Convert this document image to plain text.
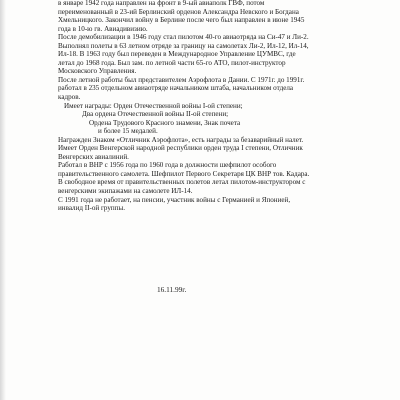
в январе 1942 года направлен на фронт в 9-ый авиаполк ГВФ, потом
переименованный в 23-ий Берлинский орденов Александра Невского и Богдана
Хмельницкого. Закончил войну в Берлине после чего был направлен в июне 1945
года в 10-ю гв. Авиадивизию.
После демобилизации в 1946 году стал пилотом 40-го авиаотряда на Си-47 и Ли-2.
Выполнял полеты в 63 летном отряде за границу на самолетах Ли-2, Ил-12, Ил-14,
Ил-18. В 1963 году был переведен в Международное Управление ЦУМВС, где
летал до 1968 года. Был зам. по летной части 65-го АТО, пилот-инструктор
Московского Управления.
После летной работы был представителем Аэрофлота в Дании. С 1971г. до 1991г.
работал в 235 отдельном авиаотряде начальником штаба, начальником отдела
кадров.
Имеет награды: Орден Отечественной войны I-ой степени;
Два ордена Отечественной войны II-ой степени;
Ордена Трудового Красного знамени, Знак почета
и более 15 медалей.
Награжден Знаком «Отличник Аэрофлота», есть награды за безаварийный налет.
Имеет Орден Венгерской народной республики орден труда I степени, Отличник
Венгерских авиалиний.
Работал в ВНР с 1956 года по 1960 года в должности шефпилот особого
правительственного самолета. Шефпилот Первого Секретаря ЦК ВНР тов. Кадара.
В свободное время от правительственных полетов летал пилотом-инструктором с
венгерскими экипажами на самолете ИЛ-14.
С 1991 года не работает, на пенсии, участник войны с Германией и Японией,
инвалид II-ой группы.
16.11.99г.
